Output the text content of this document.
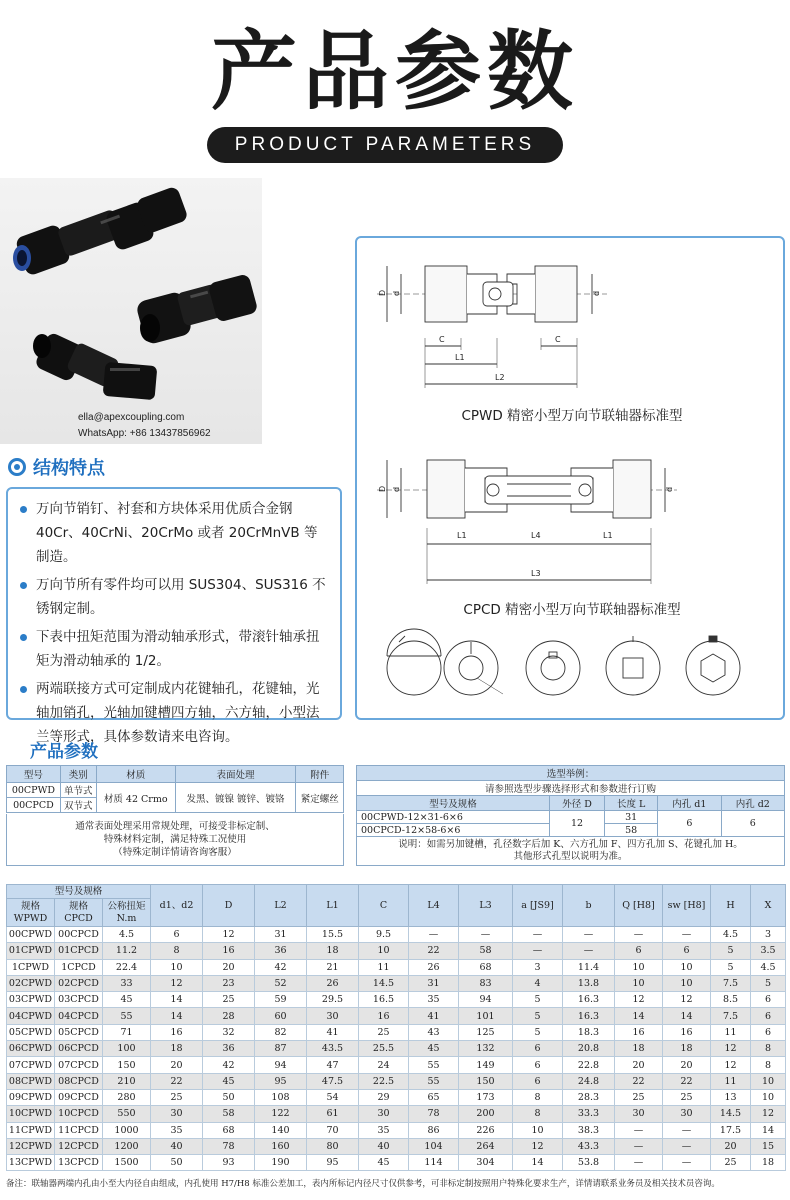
产品参数
PRODUCT PARAMETERS
ella@apexcoupling.com
WhatsApp: +86 13437856962
结构特点
万向节销钉、衬套和方块体采用优质合金钢 40Cr、40CrNi、20CrMo 或者 20CrMnVB 等制造。
万向节所有零件均可以用 SUS304、SUS316 不锈钢定制。
下表中扭矩范围为滑动轴承形式，带滚针轴承扭矩为滑动轴承的 1/2。
两端联接方式可定制成内花键轴孔，花键轴，光轴加销孔，光轴加键槽四方轴，六方轴，小型法兰等形式，具体参数请来电咨询。
D d	d
C	C
L1
L2
D d	d
L1	L4	L1
L3
CPWD 精密小型万向节联轴器标准型
CPCD 精密小型万向节联轴器标准型
产品参数
型号	类别	材质	表面处理	附件
00CPWD	单节式	材质 42 Crmo	发黑、镀镍 镀锌、镀铬	紧定螺丝
00CPCD	双节式			
通常表面处理采用常规处理，可接受非标定制、
特殊材料定制，满足特殊工况使用
（特殊定制详情请咨询客服）
选型举例：				
请参照选型步骤选择形式和参数进行订购				
型号及规格	外径 D	长度 L	内孔 d1	内孔 d2
00CPWD-12×31-6×6	12	31	6	6
00CPCD-12×58-6×6		58		
说明：如需另加键槽，孔径数字后加 K、六方孔加 F、四方孔加 S、花键孔加 H。
其他形式孔型以说明为准。
型号及规格			d1、d2	D	L2	L1	C	L4	L3	a [JS9]	b	Q [H8]	sw [H8]	H	X
规格 WPWD	规格 CPCD	公称扭矩 N.m													
00CPWD	00CPCD	4.5	6	12	31	15.5	9.5	—	—	—	—	—	—	4.5	3
01CPWD	01CPCD	11.2	8	16	36	18	10	22	58	—	—	6	6	5	3.5
1CPWD	1CPCD	22.4	10	20	42	21	11	26	68	3	11.4	10	10	5	4.5
02CPWD	02CPCD	33	12	23	52	26	14.5	31	83	4	13.8	10	10	7.5	5
03CPWD	03CPCD	45	14	25	59	29.5	16.5	35	94	5	16.3	12	12	8.5	6
04CPWD	04CPCD	55	14	28	60	30	16	41	101	5	16.3	14	14	7.5	6
05CPWD	05CPCD	71	16	32	82	41	25	43	125	5	18.3	16	16	11	6
06CPWD	06CPCD	100	18	36	87	43.5	25.5	45	132	6	20.8	18	18	12	8
07CPWD	07CPCD	150	20	42	94	47	24	55	149	6	22.8	20	20	12	8
08CPWD	08CPCD	210	22	45	95	47.5	22.5	55	150	6	24.8	22	22	11	10
09CPWD	09CPCD	280	25	50	108	54	29	65	173	8	28.3	25	25	13	10
10CPWD	10CPCD	550	30	58	122	61	30	78	200	8	33.3	30	30	14.5	12
11CPWD	11CPCD	1000	35	68	140	70	35	86	226	10	38.3	—	—	17.5	14
12CPWD	12CPCD	1200	40	78	160	80	40	104	264	12	43.3	—	—	20	15
13CPWD	13CPCD	1500	50	93	190	95	45	114	304	14	53.8	—	—	25	18
备注：联轴器两端内孔由小至大内径自由组成，内孔使用 H7/H8 标准公差加工，表内所标记内径尺寸仅供参考，可非标定制按照用户特殊化要求生产，详情请联系业务员及相关技术员咨询。
